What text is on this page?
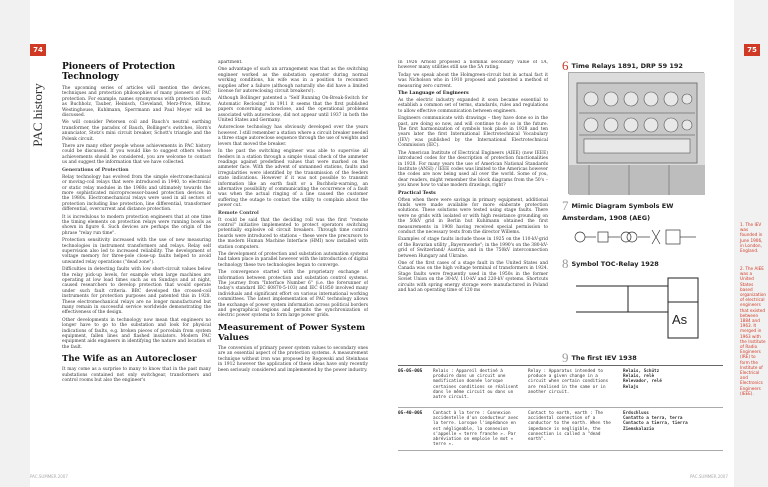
74
PAC history
PAC.SUMMER.2007
Pioneers of Protection Technology

The upcoming series of articles will mention the devices, techniques and protection philosophies of many pioneers of PAC protection. For example, names synonymous with protection such as Buchholz, Tauber, Heinisch, Cleveland, Merz-Price, Biltow, Westinghouse, Kuhlmann, Sperrmann and Paul Meyer will be discussed.

We will consider Petersen coil and Bauch's neutral earthing transformer, the paradox of Bauch, Bollinger's switches, Horn's anunciator, Stotz's mini circuit breaker, Schott's triangle and the Polenk circuit.

There are many other people whose achievements in PAC history could be discussed. If you would like to suggest others whose achievements should be considered, you are welcome to contact us and suggest the information that we have collected.

Generations of Protection

Relay technology has evolved from the simple electromechanical or moving-coil relays that were introduced in 1940, to electronic or static relay modules in the 1960s and ultimately towards the more sophisticated microprocessor-based protection devices in the 1980s. Electromechanical relays were used in all sectors of protection including line protection, line differential, transformer differential, overcurrent and distance protection.

It is incredulous to modern protection engineers that at one time the timing elements on protection relays were running bowls as shown in figure 6. Such devices are perhaps the origin of the phrase "relay run time".

Protection sensitivity increased with the use of new measuring technologies in instrument transformers and relays. Relay self supervision also led to increased reliability. The development of voltage memory for three-pole close-up faults helped to avoid unwanted relay operations ("dead zone").

Difficulties in detecting faults with low short-circuit values below the relay pick-up levels, for example when large machines are operating at low load times such as on Sundays and at night, caused researchers to develop protection that would operate under such fault criteria. BBC developed the crossed-coil instruments for protection purposes and patented this in 1928. These electromechanical relays are no longer manufactured but many remain in successful service worldwide demonstrating the effectiveness of the design.

Other developments in technology now mean that engineers no longer have to go to the substation and look for physical indications of faults, e.g. broken pieces of porcelain from system equipment, fallen lines and flashed insulators. Modern PAC equipment aids engineers in identifying the nature and location of the fault.

The Wife as an Autorecloser

It may come as a surprise to many to know that in the past many substations contained not only switchgear, transformers and control rooms but also the engineer's

apartment.

One advantage of such an arrangement was that as the switching engineer worked as the substation operator during normal working conditions, his wife was in a position to reconnect supplies after a failure (although naturally she did have a limited license for autoreclosing circuit breakers!).

Although Bollinger patented a "Self Running On-Break-Switch for Automatic Reclosing" in 1911 it seems that the first published papers concerning autoreclose, and the operational problems associated with autoreclose, did not appear until 1937 in both the United States and Germany.

Autoreclose technology has obviously developed over the years however. I still remember a station where a circuit breaker needed a three stage autoreclose sequence through the use of weights and levers that moved the breaker.

In the past the switching engineer was able to supervise all feeders in a station through a simple visual check of the ammeter readings against predefined values that were marked on the ammeter face. With the advent of unmanned stations, faults and irregularities were identified by the transmission of the feeders state indications. However if it was not possible to transmit information like an earth fault or a Buchholz-warning, an alternative possibility of communicating the occurrence of a fault was when the actual ringing of a line caused the customer suffering the outage to contact the utility to complain about the power cut.

Remote Control

It could be said that the deciding roll was the first "remote control" initiative implemented to protect operators switching potentially explosive oil circuit breakers. Through time control boards were introduced to stations – these were the precursors to the modern Human Machine Interface (HMI) now installed with station computers.

The development of protection and substation automation systems had taken place in parallel however with the introduction of digital technology these two technologies began to converge.

The convergence started with the proprietary exchange of information between protection and substation control systems. The journey from "Interface Number 6" (i.e. the forerunner of today's standard IEC 60870-5-103) and IEC 61850 involved many individuals and significant effort on various international working committees. The latest implementation of PAC technology allows the exchange of power system information across political borders and geographical regions and permits the synchronization of electric power systems to form large power grids.

Measurement of Power System Values

The conversion of primary power system values to secondary ones are an essential aspect of the protection systems. A measurement technique without iron was proposed by Rogowski and Steinhaus in 1912 however the application of these ideas have only recently been seriously considered and implemented by the power industry.

In 1926 Arnold proposed a nominal secondary value of 1A, however many utilities still use the 5A rating.

Today we speak about the Holmgreen-circuit but in actual fact it was Nicholson who in 1910 proposed and patented a method of measuring zero current.

The Language of Engineers

As the electric industry expanded it soon became essential to establish a common set of terms, standards, rules and regulations to allow effective communication between engineers.

Engineers communicate with drawings – they have done so in the past, are doing so now, and will continue to do so in the future. The first harmonization of symbols took place in 1928 and ten years later the first International Electrotechnical Vocabulary (IEV) was published by the International Electrotechnical Commission (IEC).

The American Institute of Electrical Engineers (AIEE) (now IEEE) introduced codes for the description of protection functionalities in 1928. For many years the use of American National Standards Institute (ANSI) / IEEE codes was limited to the Americas however the codes are now being used all over the world. Some of you, dear readers, might remember the block diagrams from the 50's – you know how to value modern drawings, right?

Practical Tests

Often when there were savings in primary equipment, additional funds were made available for more elaborate protection solutions. These solutions were tested using stage faults. There were no grids with isolated or with high resistance grounding on the 50kV grid in Berlin but Kuhlmann obtained the first measurements in 1908 having received special permission to conduct the necessary tests from the director Willems.

Examples of stage faults include those in 1925 on the 110-kV-grid of the Bavarian utility „Bayernwerke"; in the 1990's on the 380-kV-grid of Switzerland/ Austria; and in the 750kV interconnection between Hungary and Ukraine.

One of the first cases of a stage fault in the United States and Canada was on the high voltage terminal of transformers in 1924. Stage faults were frequently used in the 1950s in the former Soviet Union on the 30-kV, 110-kV and 220-kV systems. Shortcuts circuits with spring energy storage were manufactured in Poland and had an operating time of 120 ms

6 Time Relays 1891, DRP 59 192
7 Mimic Diagram Symbols EW Amsterdam, 1908 (AEG)
8 Symbol TOC-Relay 1928
As
9 The first IEV 1938
05-05-005	Relais : Appareil destiné à produire dans un circuit une modification donnée lorsque certaines conditions se réalisent dans le même circuit ou dans un autre circuit.
Relay : Apparatus intended to produce a given change in a circuit when certain conditions are realised in the same or in another circuit.
Relais, Schütz
Relais, relè
Relevador, relé
Relajs
05-40-005	Contact à la terre : Connexion accidentelle d'un conducteur avec la terre. Lorsque l'impédance en est négligeable, la connexion s'appelle « terre franche ». Par abréviation on emploie le mot « terre ».
Contact to earth, earth : The accidental connection of a conductor to the earth. When the impedance is negligible, the connection is called a "dead earth".
Erdschluss
Contatto a terra, terra
Contacto a tierra, tierra
Ziemskalazio
75
1. The IEV was founded in June 1906, in London, England.
2. The AIEE was a United States based organization of electrical engineers that existed between 1884 and 1963. It merged in 1963 with the Institute of Radio Engineers (IRE) to form the Institute of Electrical and Electronics Engineers (IEEE).
PAC.SUMMER.2007
